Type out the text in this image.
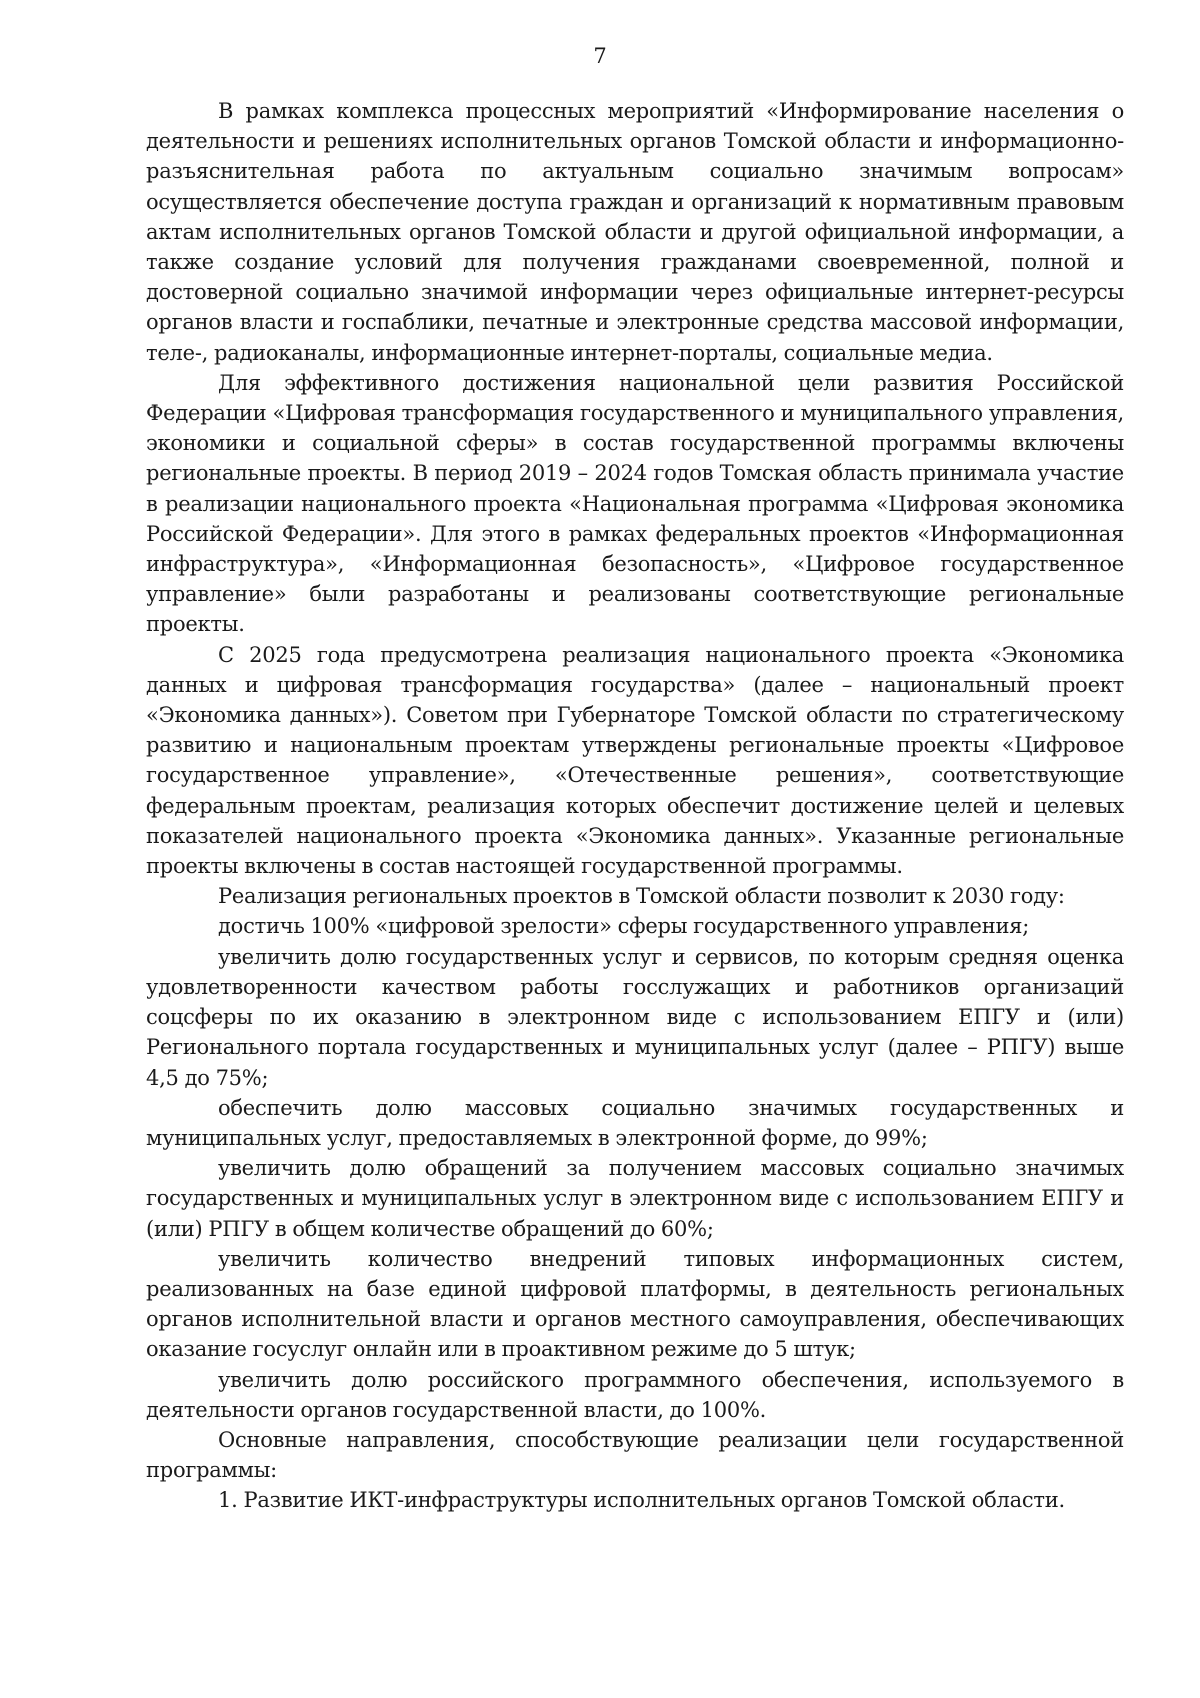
7

В рамках комплекса процессных мероприятий «Информирование населения о деятельности и решениях исполнительных органов Томской области и информационно-разъяснительная работа по актуальным социально значимым вопросам» осуществляется обеспечение доступа граждан и организаций к нормативным правовым актам исполнительных органов Томской области и другой официальной информации, а также создание условий для получения гражданами своевременной, полной и достоверной социально значимой информации через официальные интернет-ресурсы органов власти и госпаблики, печатные и электронные средства массовой информации, теле-, радиоканалы, информационные интернет-порталы, социальные медиа.

Для эффективного достижения национальной цели развития Российской Федерации «Цифровая трансформация государственного и муниципального управления, экономики и социальной сферы» в состав государственной программы включены региональные проекты. В период 2019 – 2024 годов Томская область принимала участие в реализации национального проекта «Национальная программа «Цифровая экономика Российской Федерации». Для этого в рамках федеральных проектов «Информационная инфраструктура», «Информационная безопасность», «Цифровое государственное управление» были разработаны и реализованы соответствующие региональные проекты.

С 2025 года предусмотрена реализация национального проекта «Экономика данных и цифровая трансформация государства» (далее – национальный проект «Экономика данных»). Советом при Губернаторе Томской области по стратегическому развитию и национальным проектам утверждены региональные проекты «Цифровое государственное управление», «Отечественные решения», соответствующие федеральным проектам, реализация которых обеспечит достижение целей и целевых показателей национального проекта «Экономика данных». Указанные региональные проекты включены в состав настоящей государственной программы.

Реализация региональных проектов в Томской области позволит к 2030 году:

достичь 100% «цифровой зрелости» сферы государственного управления;

увеличить долю государственных услуг и сервисов, по которым средняя оценка удовлетворенности качеством работы госслужащих и работников организаций соцсферы по их оказанию в электронном виде с использованием ЕПГУ и (или) Регионального портала государственных и муниципальных услуг (далее – РПГУ) выше 4,5 до 75%;

обеспечить долю массовых социально значимых государственных и муниципальных услуг, предоставляемых в электронной форме, до 99%;

увеличить долю обращений за получением массовых социально значимых государственных и муниципальных услуг в электронном виде с использованием ЕПГУ и (или) РПГУ в общем количестве обращений до 60%;

увеличить количество внедрений типовых информационных систем, реализованных на базе единой цифровой платформы, в деятельность региональных органов исполнительной власти и органов местного самоуправления, обеспечивающих оказание госуслуг онлайн или в проактивном режиме до 5 штук;

увеличить долю российского программного обеспечения, используемого в деятельности органов государственной власти, до 100%.

Основные направления, способствующие реализации цели государственной программы:

1. Развитие ИКТ-инфраструктуры исполнительных органов Томской области.
